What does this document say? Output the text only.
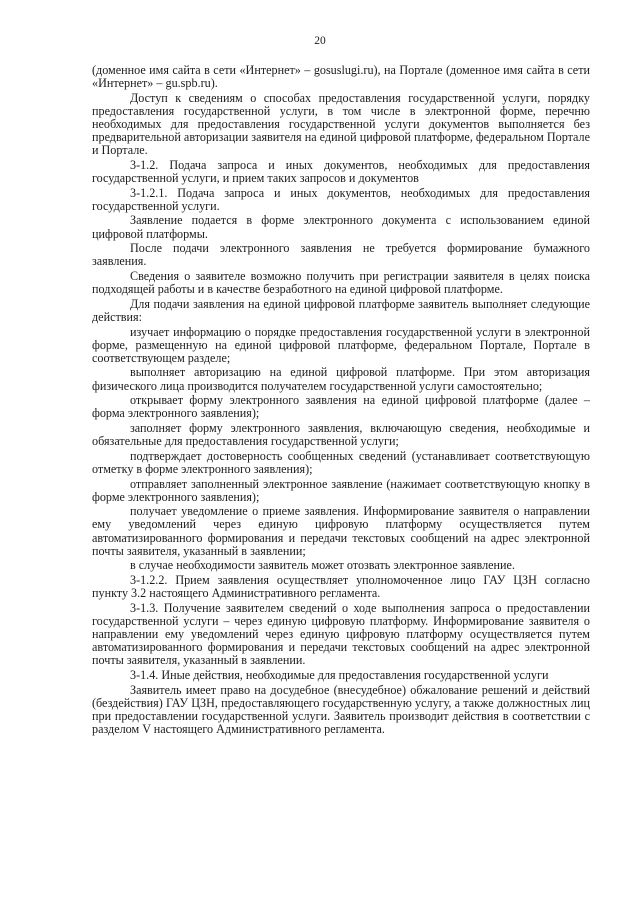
20

(доменное имя сайта в сети «Интернет» – gosuslugi.ru), на Портале (доменное имя сайта в сети «Интернет» – gu.spb.ru).

Доступ к сведениям о способах предоставления государственной услуги, порядку предоставления государственной услуги, в том числе в электронной форме, перечню необходимых для предоставления государственной услуги документов выполняется без предварительной авторизации заявителя на единой цифровой платформе, федеральном Портале и Портале.

3-1.2. Подача запроса и иных документов, необходимых для предоставления государственной услуги, и прием таких запросов и документов

3-1.2.1. Подача запроса и иных документов, необходимых для предоставления государственной услуги.

Заявление подается в форме электронного документа с использованием единой цифровой платформы.

После подачи электронного заявления не требуется формирование бумажного заявления.

Сведения о заявителе возможно получить при регистрации заявителя в целях поиска подходящей работы и в качестве безработного на единой цифровой платформе.

Для подачи заявления на единой цифровой платформе заявитель выполняет следующие действия:

изучает информацию о порядке предоставления государственной услуги в электронной форме, размещенную на единой цифровой платформе, федеральном Портале, Портале в соответствующем разделе;

выполняет авторизацию на единой цифровой платформе. При этом авторизация физического лица производится получателем государственной услуги самостоятельно;

открывает форму электронного заявления на единой цифровой платформе (далее – форма электронного заявления);

заполняет форму электронного заявления, включающую сведения, необходимые и обязательные для предоставления государственной услуги;

подтверждает достоверность сообщенных сведений (устанавливает соответствующую отметку в форме электронного заявления);

отправляет заполненный электронное заявление (нажимает соответствующую кнопку в форме электронного заявления);

получает уведомление о приеме заявления. Информирование заявителя о направлении ему уведомлений через единую цифровую платформу осуществляется путем автоматизированного формирования и передачи текстовых сообщений на адрес электронной почты заявителя, указанный в заявлении;

в случае необходимости заявитель может отозвать электронное заявление.

3-1.2.2. Прием заявления осуществляет уполномоченное лицо ГАУ ЦЗН согласно пункту 3.2 настоящего Административного регламента.

3-1.3. Получение заявителем сведений о ходе выполнения запроса о предоставлении государственной услуги – через единую цифровую платформу. Информирование заявителя о направлении ему уведомлений через единую цифровую платформу осуществляется путем автоматизированного формирования и передачи текстовых сообщений на адрес электронной почты заявителя, указанный в заявлении.

3-1.4. Иные действия, необходимые для предоставления государственной услуги

Заявитель имеет право на досудебное (внесудебное) обжалование решений и действий (бездействия) ГАУ ЦЗН, предоставляющего государственную услугу, а также должностных лиц при предоставлении государственной услуги. Заявитель производит действия в соответствии с разделом V настоящего Административного регламента.
